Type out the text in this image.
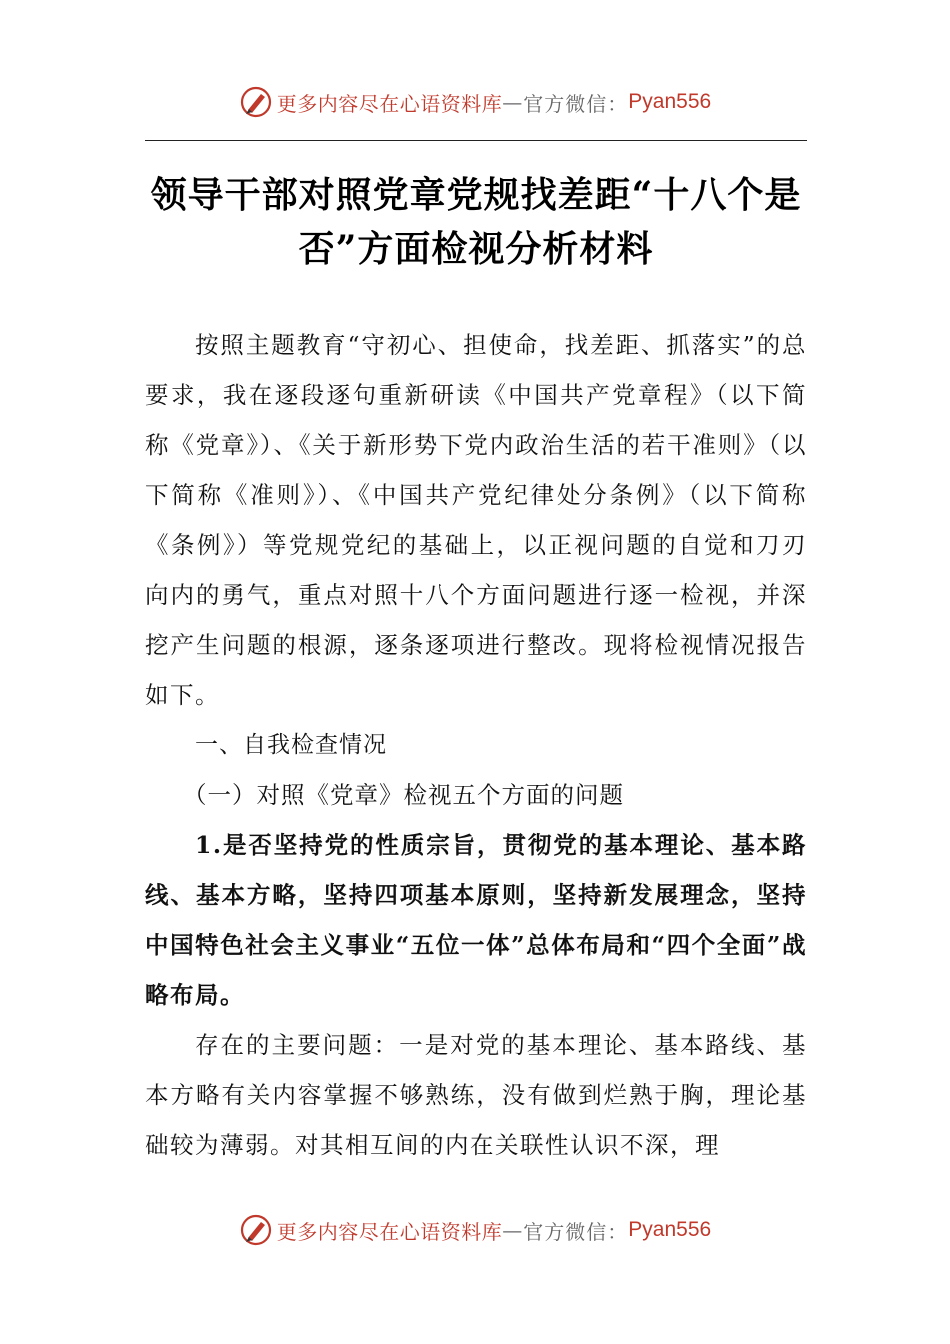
更多内容尽在心语资料库 — 官方微信： Pyan556
领导干部对照党章党规找差距“十八个是否”方面检视分析材料

按照主题教育“守初心、担使命，找差距、抓落实”的总要求，我在逐段逐句重新研读《中国共产党章程》（以下简称《党章》）、《关于新形势下党内政治生活的若干准则》（以下简称《准则》）、《中国共产党纪律处分条例》（以下简称《条例》）等党规党纪的基础上，以正视问题的自觉和刀刃向内的勇气，重点对照十八个方面问题进行逐一检视，并深挖产生问题的根源，逐条逐项进行整改。现将检视情况报告如下。

一、自我检查情况

（一）对照《党章》检视五个方面的问题

1.是否坚持党的性质宗旨，贯彻党的基本理论、基本路线、基本方略，坚持四项基本原则，坚持新发展理念，坚持中国特色社会主义事业“五位一体”总体布局和“四个全面”战略布局。

存在的主要问题：一是对党的基本理论、基本路线、基本方略有关内容掌握不够熟练，没有做到烂熟于胸，理论基础较为薄弱。对其相互间的内在关联性认识不深，理

更多内容尽在心语资料库 — 官方微信： Pyan556
